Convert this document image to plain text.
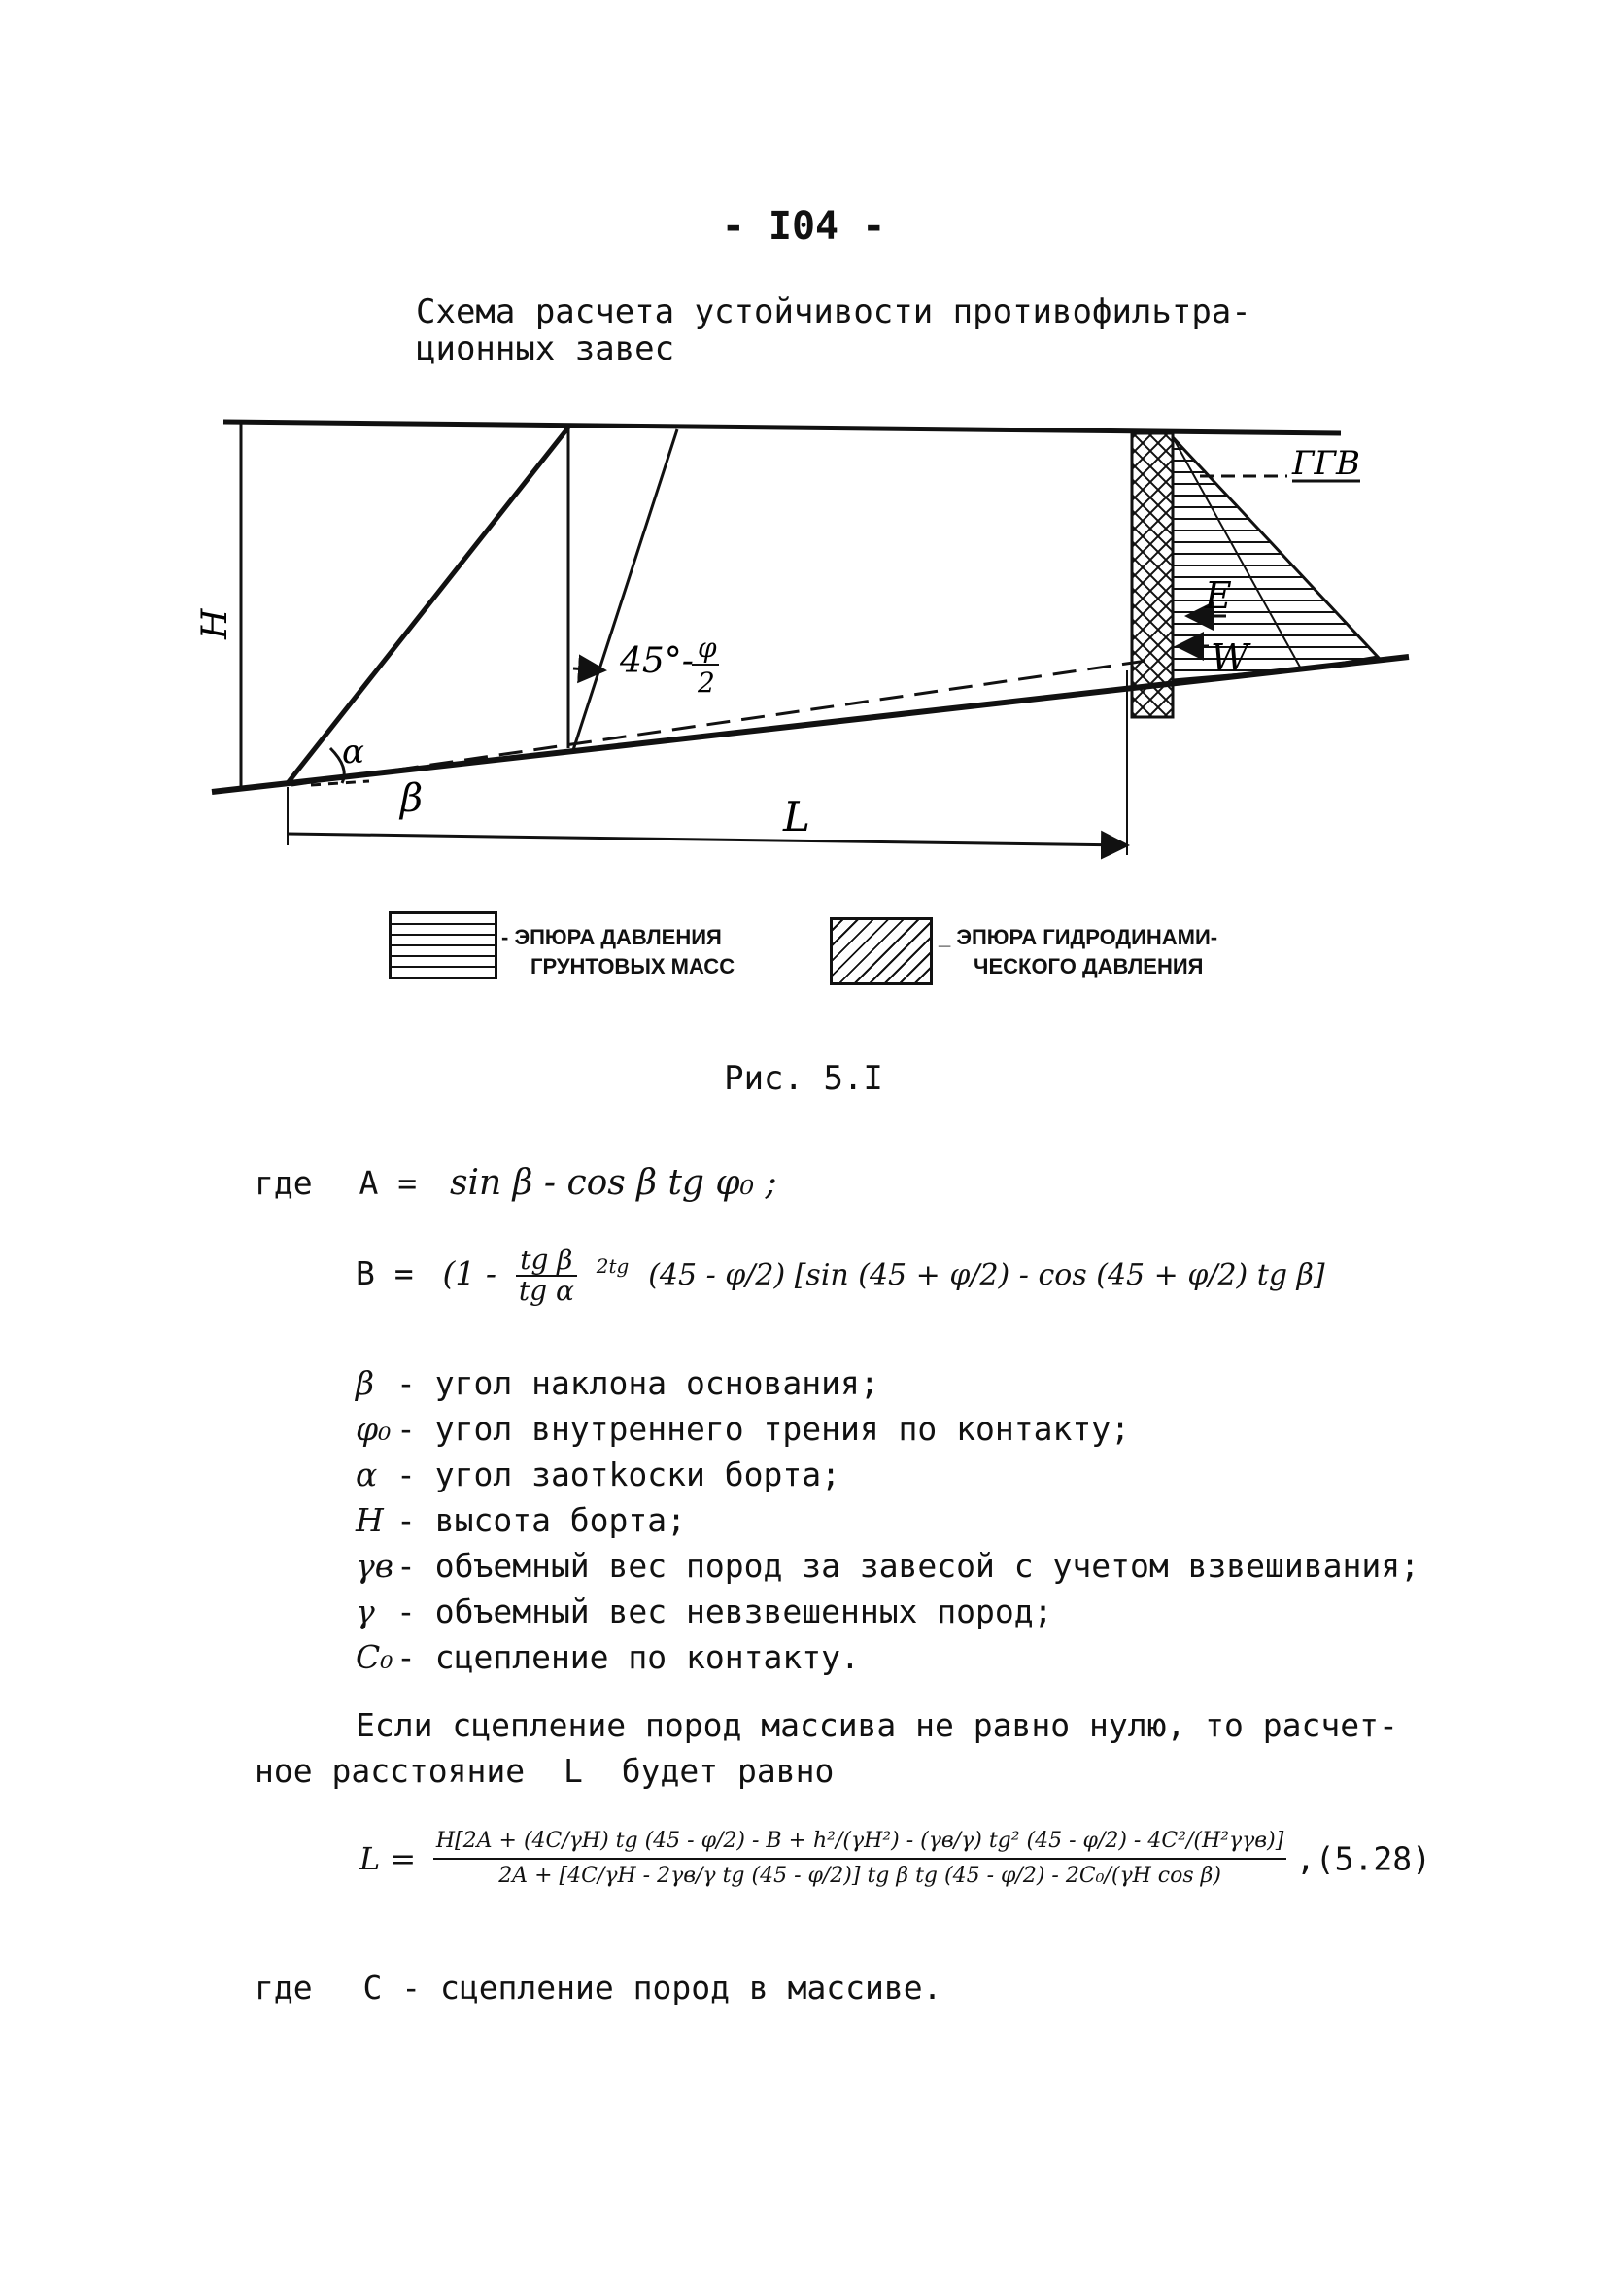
- I04 -
Схема расчета устойчивости противофильтра-
ционных завес
ГГВ
H
α
β	L
45°- φ
2
E
W
- ЭПЮРА ДАВЛЕНИЯ
ГРУНТОВЫХ МАСС
_ ЭПЮРА ГИДРОДИНАМИ-
ЧЕСКОГО ДАВЛЕНИЯ
Рис. 5.I
где A = sin β - cos β tg φ₀ ;
$B = (1 - \frac{\text{tg β}}{\text{tg α}} ^{2tg}$ (45 - φ/2) [sin (45 + φ/2) - cos (45 + φ/2) tg β]
β - угол наклона основания;
φ₀ - угол внутреннего трения по контакту;
α - угол заотkоски борта;
H - высота борта;
γв- объемный вес пород за завесой с учетом взвешивания;
γ - объемный вес невзвешенных пород;
C₀ - сцепление по контакту.
Если сцепление пород массива не равно нулю, то расчет-
ное расстояние L будет равно
L = H[2A + (4C/γH) tg (45 - φ/2) - B + h²/(γH²) - (γв/γ) tg² (45 - φ/2) - 4C²/(H²γγв)]
2A + [4C/γH - 2γв/γ tg (45 - φ/2)] tg β tg (45 - φ/2) - 2C₀/(γH cos β)	,(5.28)
где C - сцепление пород в массиве.
